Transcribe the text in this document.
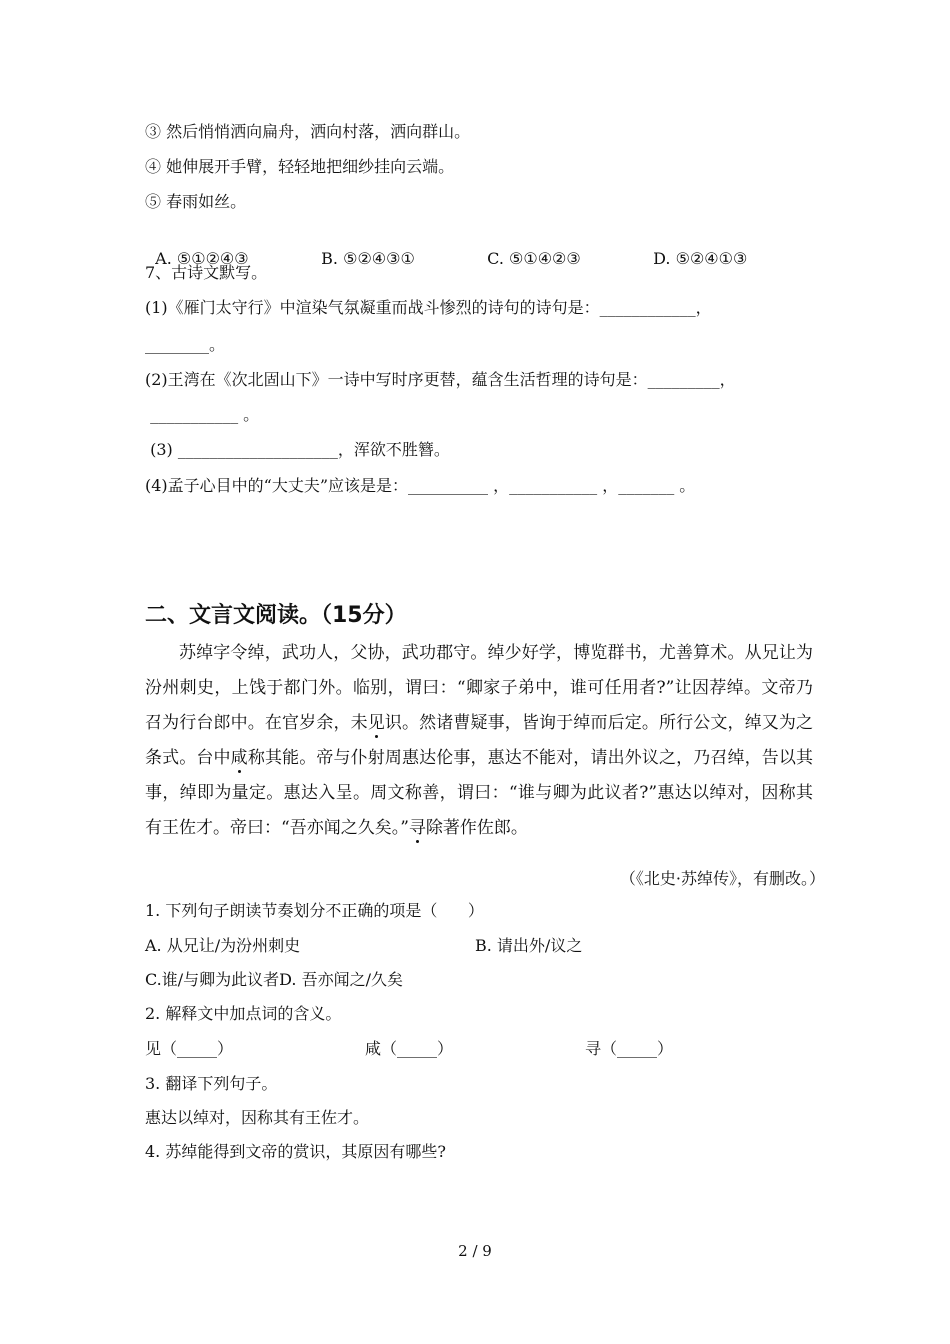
③ 然后悄悄洒向扁舟，洒向村落，洒向群山。
④ 她伸展开手臂，轻轻地把细纱挂向云端。
⑤ 春雨如丝。

A. ⑤①②④③	B. ⑤②④③①	C. ⑤①④②③	D. ⑤②④①③

7、古诗文默写。
(1)《雁门太守行》中渲染气氛凝重而战斗惨烈的诗句的诗句是：____________，
________。
(2)王湾在《次北固山下》一诗中写时序更替，蕴含生活哲理的诗句是：_________，
___________ 。
(3) ____________________，浑欲不胜簪。
(4)孟子心目中的“大丈夫”应该是是：__________ ，___________ ，_______ 。
二、文言文阅读。（15分）
苏绰字令绰，武功人，父协，武功郡守。绰少好学，博览群书，尤善算术。从兄让为汾州刺史，上饯于都门外。临别，谓曰：“卿家子弟中，谁可任用者?”让因荐绰。文帝乃召为行台郎中。在官岁余，未见识。然诸曹疑事，皆询于绰而后定。所行公文，绰又为之条式。台中咸称其能。帝与仆射周惠达伦事，惠达不能对，请出外议之，乃召绰，告以其事，绰即为量定。惠达入呈。周文称善，谓曰：“谁与卿为此议者?”惠达以绰对，因称其有王佐才。帝曰：“吾亦闻之久矣。”寻除著作佐郎。
（《北史·苏绰传》，有删改。）
1. 下列句子朗读节奏划分不正确的项是（      ）
A. 从兄让/为汾州刺史	B. 请出外/议之
C.谁/与卿为此议者D. 吾亦闻之/久矣
2. 解释文中加点词的含义。
见（_____）	咸（_____）	寻（_____）
3. 翻译下列句子。
惠达以绰对，因称其有王佐才。
4. 苏绰能得到文帝的赏识，其原因有哪些?
2 / 9
